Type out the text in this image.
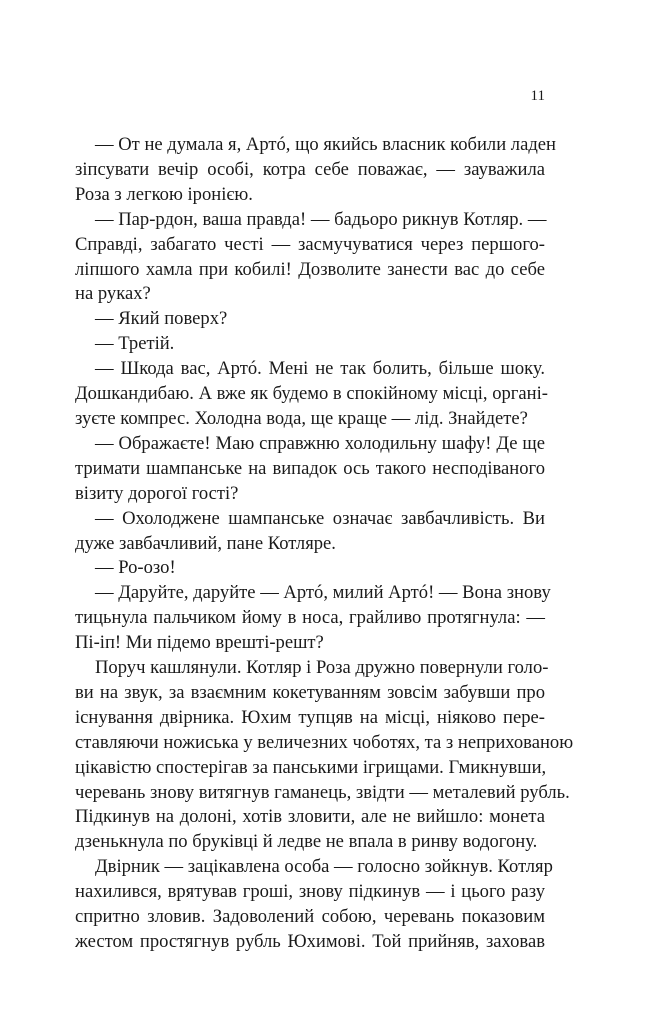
11

— От не думала я, Артó, що якийсь власник кобили ладен
зіпсувати вечір особі, котра себе поважає, — зауважила
Роза з легкою іронією.

— Пар-рдон, ваша правда! — бадьоро рикнув Котляр. —
Справді, забагато честі — засмучуватися через першого-
ліпшого хамла при кобилі! Дозволите занести вас до себе
на руках?

— Який поверх?

— Третій.

— Шкода вас, Артó. Мені не так болить, більше шоку.
Дошкандибаю. А вже як будемо в спокійному місці, органі-
зуєте компрес. Холодна вода, ще краще — лід. Знайдете?

— Ображаєте! Маю справжню холодильну шафу! Де ще
тримати шампанське на випадок ось такого несподіваного
візиту дорогої гості?

— Охолоджене шампанське означає завбачливість. Ви
дуже завбачливий, пане Котляре.

— Ро-озо!

— Даруйте, даруйте — Артó, милий Артó! — Вона знову
тицьнула пальчиком йому в носа, грайливо протягнула: —
Пі-іп! Ми підемо врешті-решт?

Поруч кашлянули. Котляр і Роза дружно повернули голо-
ви на звук, за взаємним кокетуванням зовсім забувши про
існування двірника. Юхим тупцяв на місці, ніяково пере-
ставляючи ножиська у величезних чоботях, та з неприхованою
цікавістю спостерігав за панськими ігрищами. Гмикнувши,
черевань знову витягнув гаманець, звідти — металевий рубль.
Підкинув на долоні, хотів зловити, але не вийшло: монета
дзенькнула по бруківці й ледве не впала в ринву водогону.

Двірник — зацікавлена особа — голосно зойкнув. Котляр
нахилився, врятував гроші, знову підкинув — і цього разу
спритно зловив. Задоволений собою, черевань показовим
жестом простягнув рубль Юхимові. Той прийняв, заховав
